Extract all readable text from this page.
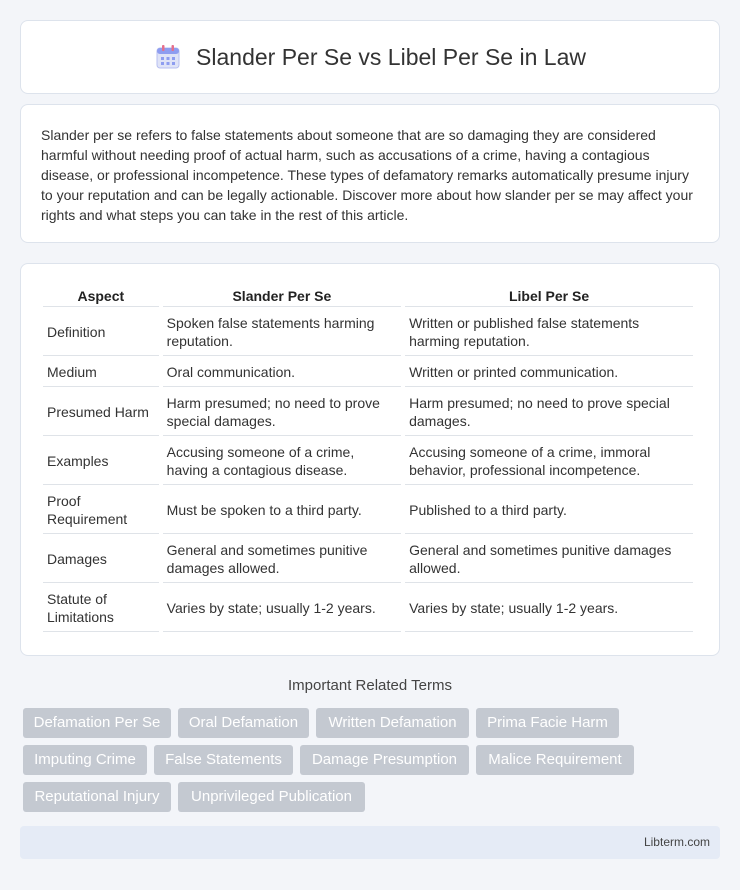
Slander Per Se vs Libel Per Se in Law

Slander per se refers to false statements about someone that are so damaging they are considered harmful without needing proof of actual harm, such as accusations of a crime, having a contagious disease, or professional incompetence. These types of defamatory remarks automatically presume injury to your reputation and can be legally actionable. Discover more about how slander per se may affect your rights and what steps you can take in the rest of this article.

Aspect	Slander Per Se	Libel Per Se
Definition	Spoken false statements harming reputation.	Written or published false statements harming reputation.
Medium	Oral communication.	Written or printed communication.
Presumed Harm	Harm presumed; no need to prove special damages.	Harm presumed; no need to prove special damages.
Examples	Accusing someone of a crime, having a contagious disease.	Accusing someone of a crime, immoral behavior, professional incompetence.
Proof Requirement	Must be spoken to a third party.	Published to a third party.
Damages	General and sometimes punitive damages allowed.	General and sometimes punitive damages allowed.
Statute of Limitations	Varies by state; usually 1-2 years.	Varies by state; usually 1-2 years.
Important Related Terms
Defamation Per Se	Oral Defamation	Written Defamation	Prima Facie Harm
Imputing Crime	False Statements	Damage Presumption	Malice Requirement
Reputational Injury	Unprivileged Publication
Libterm.com
